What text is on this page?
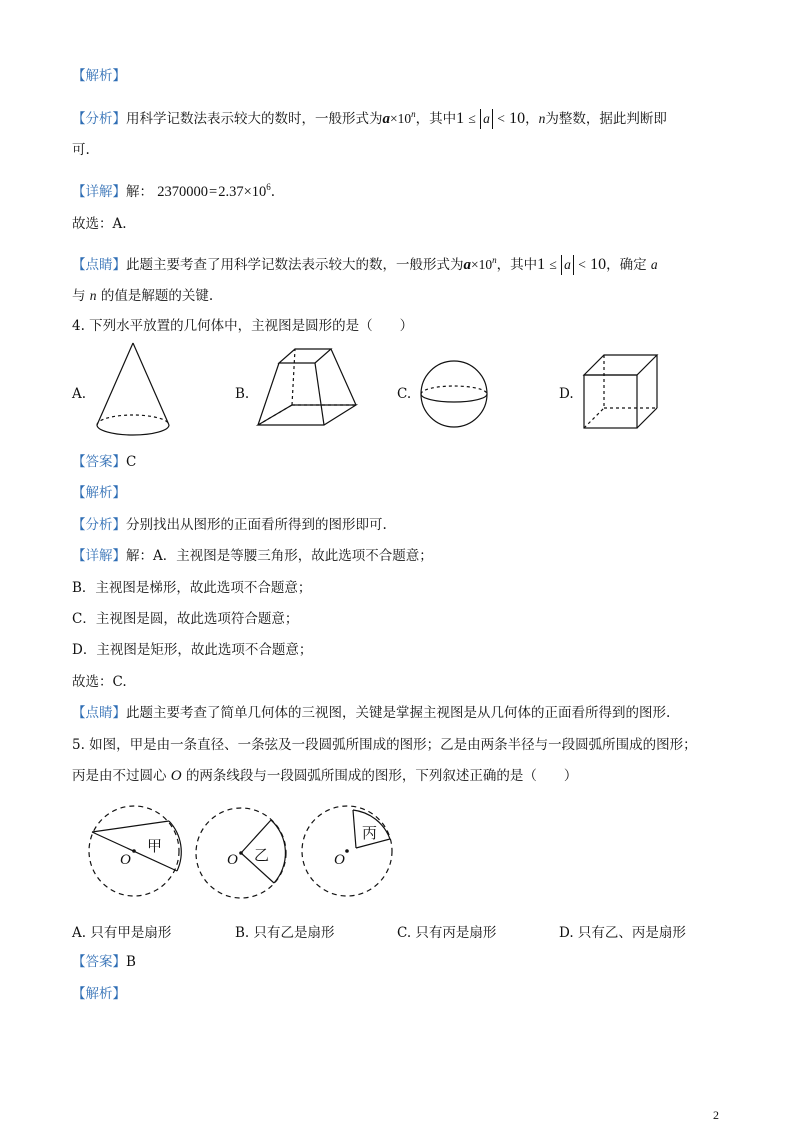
【解析】
【分析】用科学记数法表示较大的数时，一般形式为$a\times 10^n$，其中1 ≤ a < 10，n为整数，据此判断即
可.
【详解】解： $2370000=2.37\times 10^6$.
故选：A.
【点睛】此题主要考查了用科学记数法表示较大的数，一般形式为$a\times 10^n$，其中1 ≤ a < 10，确定 a
与 n 的值是解题的关键.
4. 下列水平放置的几何体中，主视图是圆形的是（　　）
A.	B.	C.	D.
【答案】C
【解析】
【分析】分别找出从图形的正面看所得到的图形即可.
【详解】解：A．主视图是等腰三角形，故此选项不合题意；
B．主视图是梯形，故此选项不合题意；
C．主视图是圆，故此选项符合题意；
D．主视图是矩形，故此选项不合题意；
故选：C.
【点睛】此题主要考查了简单几何体的三视图，关键是掌握主视图是从几何体的正面看所得到的图形.
5. 如图，甲是由一条直径、一条弦及一段圆弧所围成的图形；乙是由两条半径与一段圆弧所围成的图形；
丙是由不过圆心 O 的两条线段与一段圆弧所围成的图形，下列叙述正确的是（　　）
甲
O	乙
O
丙
O
A. 只有甲是扇形	B. 只有乙是扇形	C. 只有丙是扇形	D. 只有乙、丙是扇形
【答案】B
【解析】
2
